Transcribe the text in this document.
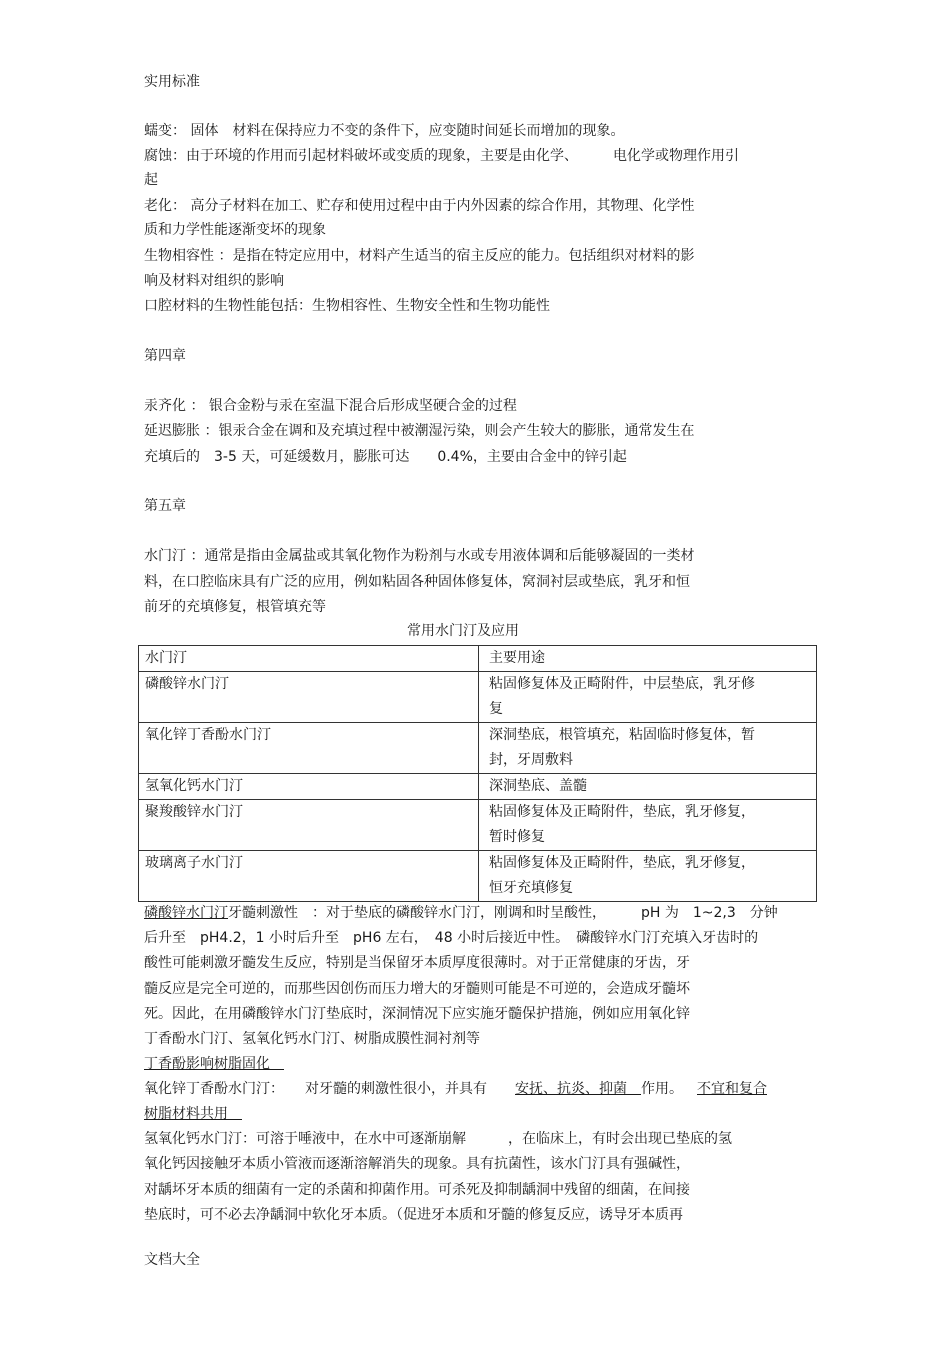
实用标准
蠕变： 固体　材料在保持应力不变的条件下，应变随时间延长而增加的现象。
腐蚀：由于环境的作用而引起材料破坏或变质的现象，主要是由化学、　　　电化学或物理作用引
起
老化： 高分子材料在加工、贮存和使用过程中由于内外因素的综合作用，其物理、化学性
质和力学性能逐渐变坏的现象
生物相容性 ：是指在特定应用中，材料产生适当的宿主反应的能力。包括组织对材料的影
响及材料对组织的影响
口腔材料的生物性能包括：生物相容性、生物安全性和生物功能性
第四章
汞齐化 ： 银合金粉与汞在室温下混合后形成坚硬合金的过程
延迟膨胀 ：银汞合金在调和及充填过程中被潮湿污染，则会产生较大的膨胀，通常发生在
充填后的　3-5 天，可延缓数月，膨胀可达　　0.4%，主要由合金中的锌引起
第五章
水门汀 ：通常是指由金属盐或其氧化物作为粉剂与水或专用液体调和后能够凝固的一类材
料，在口腔临床具有广泛的应用，例如粘固各种固体修复体，窝洞衬层或垫底，乳牙和恒
前牙的充填修复，根管填充等
常用水门汀及应用
水门汀	主要用途
磷酸锌水门汀	粘固修复体及正畸附件，中层垫底，乳牙修
复

氧化锌丁香酚水门汀	深洞垫底，根管填充，粘固临时修复体，暂
封，牙周敷料

氢氧化钙水门汀	深洞垫底、盖髓

聚羧酸锌水门汀	粘固修复体及正畸附件，垫底，乳牙修复，
暂时修复

玻璃离子水门汀	粘固修复体及正畸附件，垫底，乳牙修复，
恒牙充填修复
磷酸锌水门汀牙髓刺激性　：对于垫底的磷酸锌水门汀，刚调和时呈酸性，　　　pH 为　1~2,3　分钟
后升至　pH4.2，1 小时后升至　pH6 左右，　48 小时后接近中性。　磷酸锌水门汀充填入牙齿时的
酸性可能刺激牙髓发生反应，特别是当保留牙本质厚度很薄时。对于正常健康的牙齿，牙
髓反应是完全可逆的，而那些因创伤而压力增大的牙髓则可能是不可逆的，会造成牙髓坏
死。因此，在用磷酸锌水门汀垫底时，深洞情况下应实施牙髓保护措施，例如应用氧化锌
丁香酚水门汀、氢氧化钙水门汀、树脂成膜性洞衬剂等
丁香酚影响树脂固化　
氧化锌丁香酚水门汀：　　对牙髓的刺激性很小，并具有　　安抚、抗炎、抑菌　作用。 不宜和复合
树脂材料共用　
氢氧化钙水门汀：可溶于唾液中，在水中可逐渐崩解　　　，在临床上，有时会出现已垫底的氢
氧化钙因接触牙本质小管液而逐渐溶解消失的现象。具有抗菌性，该水门汀具有强碱性，
对龋坏牙本质的细菌有一定的杀菌和抑菌作用。可杀死及抑制龋洞中残留的细菌，在间接
垫底时，可不必去净龋洞中软化牙本质。（促进牙本质和牙髓的修复反应，诱导牙本质再
文档大全
